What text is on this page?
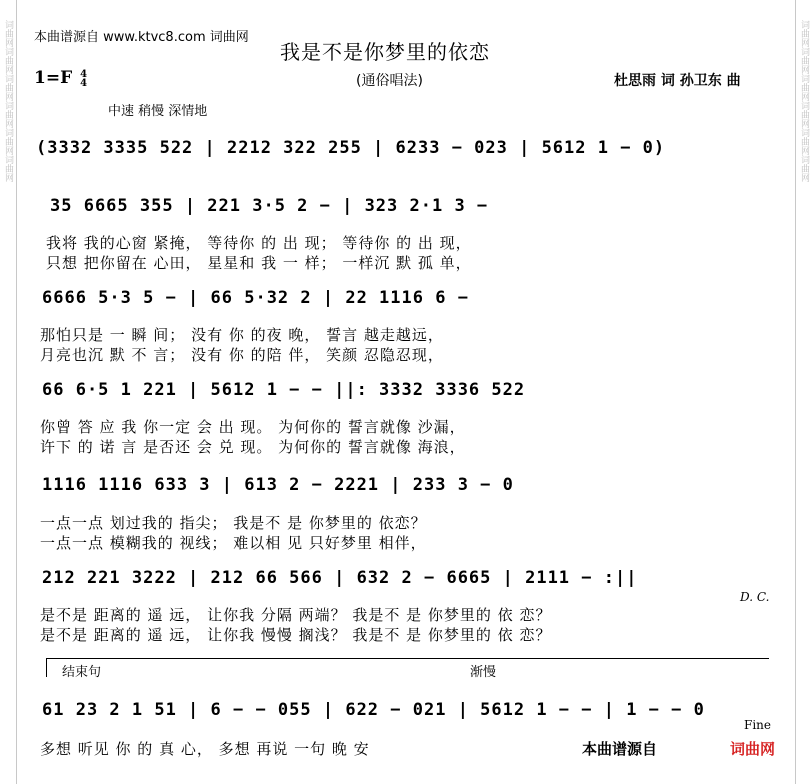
词曲网词曲网词曲网词曲网词曲网词曲网	词曲网词曲网词曲网词曲网词曲网词曲网
本曲谱源自 www.ktvc8.com 词曲网
我是不是你梦里的依恋
1=F 4
4	(通俗唱法)	杜思雨 词 孙卫东 曲
中速 稍慢 深情地
(3332 3335 522 | 2212 322 255 | 6233 − 023 | 5612 1 − 0)
35 6665 355 | 221 3·5 2 − | 323 2·1 3 −
我将 我的心窗 紧掩， 等待你 的 出 现； 等待你 的 出 现，
只想 把你留在 心田， 星星和 我 一 样； 一样沉 默 孤 单，
6666 5·3 5 − | 66 5·32 2 | 22 1116 6 −
那怕只是 一 瞬 间； 没有 你 的夜 晚， 誓言 越走越远，
月亮也沉 默 不 言； 没有 你 的陪 伴， 笑颜 忍隐忍现，
66 6·5 1 221 | 5612 1 − − ||: 3332 3336 522
你曾 答 应 我 你一定 会 出 现。 为何你的 誓言就像 沙漏，
许下 的 诺 言 是否还 会 兑 现。 为何你的 誓言就像 海浪，
1116 1116 633 3 | 613 2 − 2221 | 233 3 − 0
一点一点 划过我的 指尖； 我是不 是 你梦里的 依恋？
一点一点 模糊我的 视线； 难以相 见 只好梦里 相伴，
212 221 3222 | 212 66 566 | 632 2 − 6665 | 2111 − :||
D. C.
是不是 距离的 遥 远， 让你我 分隔 两端？ 我是不 是 你梦里的 依 恋？
是不是 距离的 遥 远， 让你我 慢慢 搁浅？ 我是不 是 你梦里的 依 恋？
结束句	渐慢
61 23 2 1 51 | 6 − − 055 | 622 − 021 | 5612 1 − − | 1 − − 0
Fine
多想 听见 你 的 真 心， 多想 再说 一句 晚 安	本曲谱源自	词曲网
